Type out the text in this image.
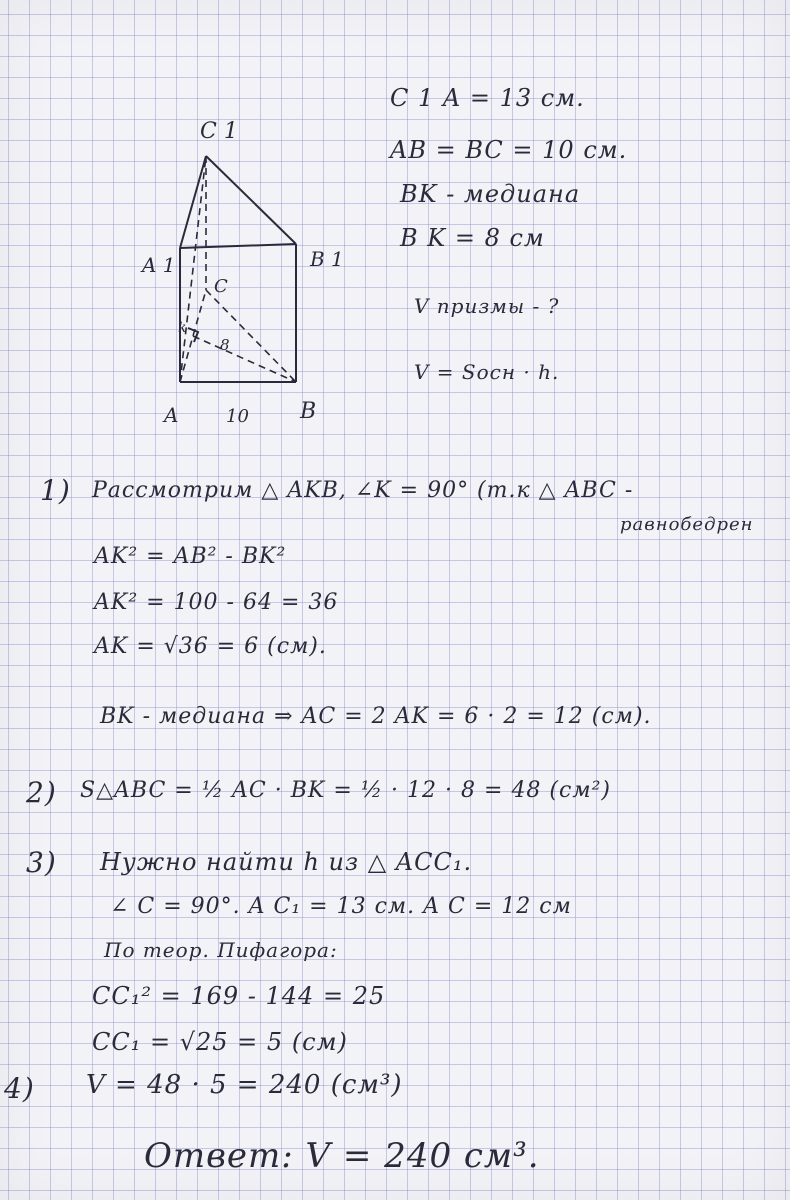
C 1
A 1	B 1
C
k
8
A	10 B
C 1 A = 13 см.
AB = BC = 10 см.
BK - медиана
B K = 8 см
V призмы - ?
V = Sосн · h.
1) Рассмотрим △ AKB, ∠K = 90° (т.к △ ABC -
равнобедрен
AK² = AB² - BK²
AK² = 100 - 64 = 36
AK = √36 = 6 (см).
BK - медиана ⇒ AC = 2 AK = 6 · 2 = 12 (см).
2) S△ABC = ½ AC · BK = ½ · 12 · 8 = 48 (см²)
3) Нужно найти h из △ ACC₁.
∠ C = 90°. A C₁ = 13 см. A C = 12 см
По теор. Пифагора:
CC₁² = 169 - 144 = 25
CC₁ = √25 = 5 (см)
4) V = 48 · 5 = 240 (см³)
Ответ: V = 240 см³.
